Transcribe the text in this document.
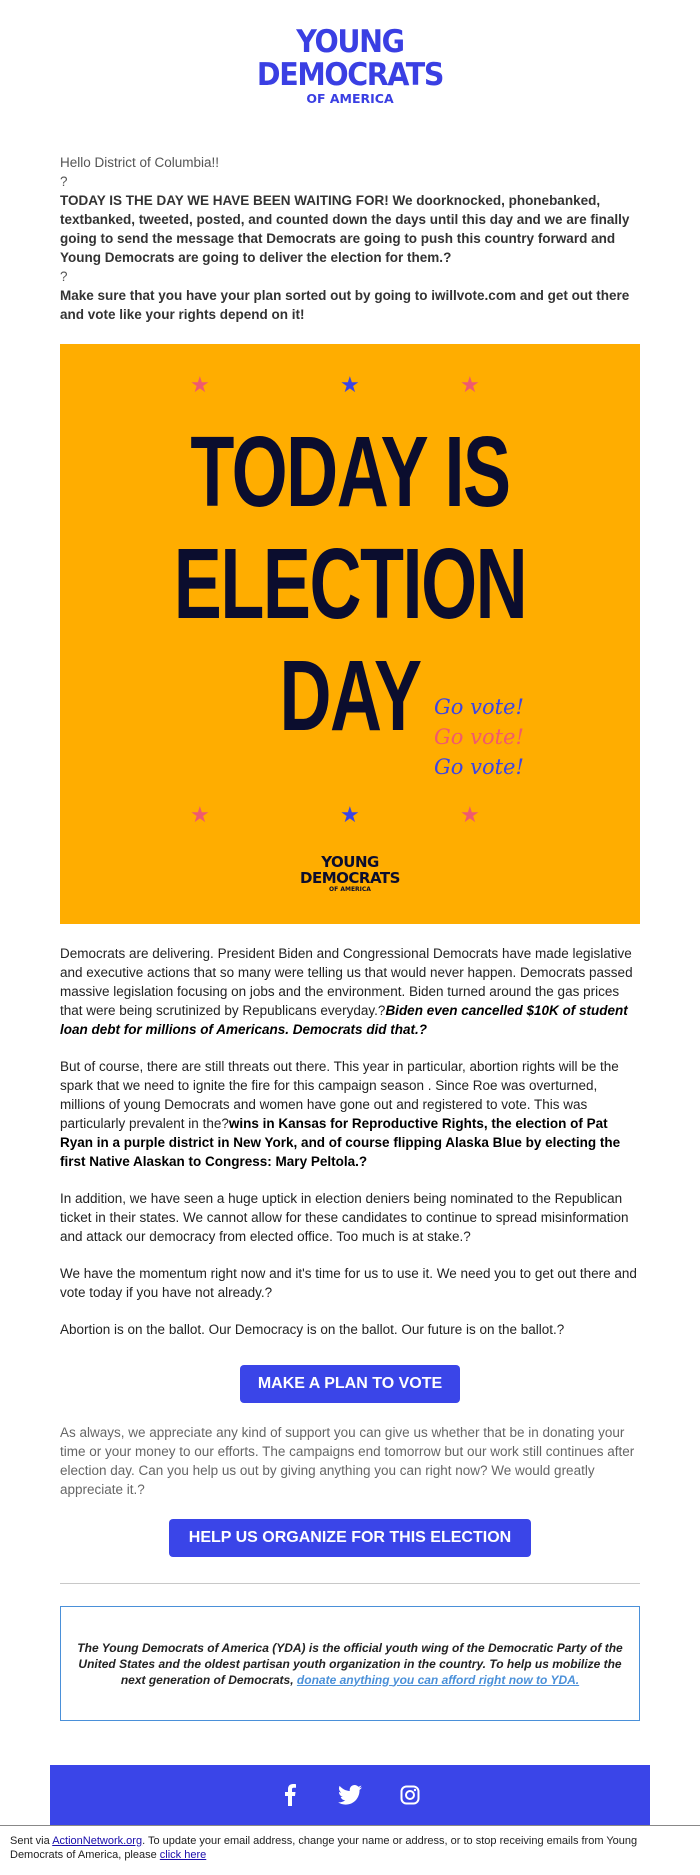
YOUNG
DEMOCRATS
OF AMERICA

Hello District of Columbia!!

?

TODAY IS THE DAY WE HAVE BEEN WAITING FOR! We doorknocked, phonebanked, textbanked, tweeted, posted, and counted down the days until this day and we are finally going to send the message that Democrats are going to push this country forward and Young Democrats are going to deliver the election for them.?

?

Make sure that you have your plan sorted out by going to iwillvote.com and get out there and vote like your rights depend on it!

★	★	★
TODAY IS
ELECTION
DAY Go vote!
Go vote!
Go vote!
★	★	★
YOUNG
DEMOCRATS
OF AMERICA

Democrats are delivering. President Biden and Congressional Democrats have made legislative and executive actions that so many were telling us that would never happen. Democrats passed massive legislation focusing on jobs and the environment. Biden turned around the gas prices that were being scrutinized by Republicans everyday.?Biden even cancelled $10K of student loan debt for millions of Americans. Democrats did that.?

But of course, there are still threats out there. This year in particular, abortion rights will be the spark that we need to ignite the fire for this campaign season . Since Roe was overturned, millions of young Democrats and women have gone out and registered to vote. This was particularly prevalent in the?wins in Kansas for Reproductive Rights, the election of Pat Ryan in a purple district in New York, and of course flipping Alaska Blue by electing the first Native Alaskan to Congress: Mary Peltola.?

In addition, we have seen a huge uptick in election deniers being nominated to the Republican ticket in their states. We cannot allow for these candidates to continue to spread misinformation and attack our democracy from elected office. Too much is at stake.?

We have the momentum right now and it's time for us to use it. We need you to get out there and vote today if you have not already.?

Abortion is on the ballot. Our Democracy is on the ballot. Our future is on the ballot.?

MAKE A PLAN TO VOTE
As always, we appreciate any kind of support you can give us whether that be in donating your time or your money to our efforts. The campaigns end tomorrow but our work still continues after election day. Can you help us out by giving anything you can right now? We would greatly appreciate it.?
HELP US ORGANIZE FOR THIS ELECTION
The Young Democrats of America (YDA) is the official youth wing of the Democratic Party of the United States and the oldest partisan youth organization in the country. To help us mobilize the next generation of Democrats, donate anything you can afford right now to YDA.
Sent via ActionNetwork.org. To update your email address, change your name or address, or to stop receiving emails from Young Democrats of America, please click here
